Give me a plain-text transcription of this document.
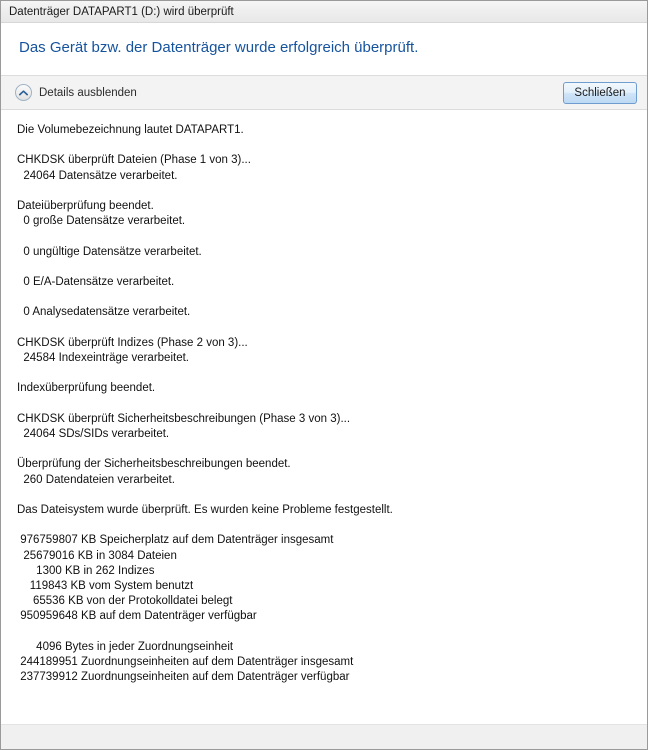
Datenträger DATAPART1 (D:) wird überprüft
Das Gerät bzw. der Datenträger wurde erfolgreich überprüft.
Details ausblenden	Schließen
Die Volumebezeichnung lautet DATAPART1.
CHKDSK überprüft Dateien (Phase 1 von 3)...
24064 Datensätze verarbeitet.
Dateiüberprüfung beendet.
0 große Datensätze verarbeitet.
0 ungültige Datensätze verarbeitet.
0 E/A-Datensätze verarbeitet.
0 Analysedatensätze verarbeitet.
CHKDSK überprüft Indizes (Phase 2 von 3)...
24584 Indexeinträge verarbeitet.
Indexüberprüfung beendet.
CHKDSK überprüft Sicherheitsbeschreibungen (Phase 3 von 3)...
24064 SDs/SIDs verarbeitet.
Überprüfung der Sicherheitsbeschreibungen beendet.
260 Datendateien verarbeitet.
Das Dateisystem wurde überprüft. Es wurden keine Probleme festgestellt.
976759807 KB Speicherplatz auf dem Datenträger insgesamt
25679016 KB in 3084 Dateien
1300 KB in 262 Indizes
119843 KB vom System benutzt
65536 KB von der Protokolldatei belegt
950959648 KB auf dem Datenträger verfügbar
4096 Bytes in jeder Zuordnungseinheit
244189951 Zuordnungseinheiten auf dem Datenträger insgesamt
237739912 Zuordnungseinheiten auf dem Datenträger verfügbar
